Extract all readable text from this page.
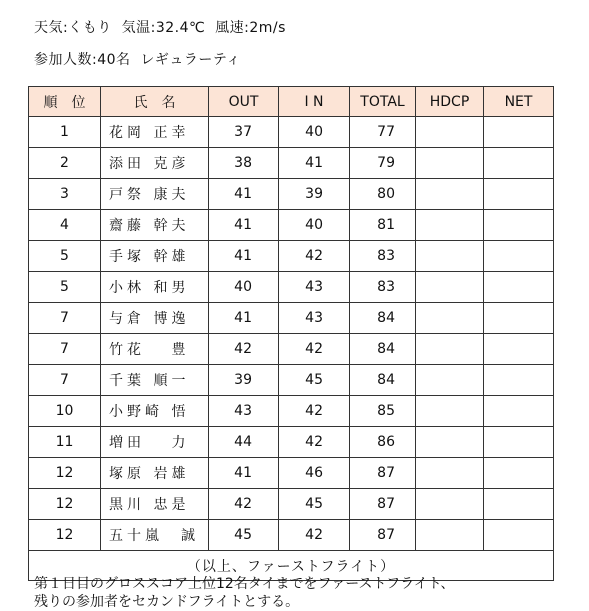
天気:くもり  気温:32.4℃  風速:2m/s
参加人数:40名  レギュラーティ
順　位	氏　名	OUT	I N	TOTAL	HDCP	NET
1	花岡 正幸	37	40	77		
2	添田 克彦	38	41	79		
3	戸祭 康夫	41	39	80		
4	齋藤 幹夫	41	40	81		
5	手塚 幹雄	41	42	83		
5	小林 和男	40	43	83		
7	与倉 博逸	41	43	84		
7	竹花　 豊	42	42	84		
7	千葉 順一	39	45	84		
10	小野崎 悟	43	42	85		
11	増田　 力	44	42	86		
12	塚原 岩雄	41	46	87		
12	黒川 忠是	42	45	87		
12	五十嵐　誠	45	42	87		
（以上、ファーストフライト）						
第１日目のグロススコア上位12名タイまでをファーストフライト、
残りの参加者をセカンドフライトとする。
